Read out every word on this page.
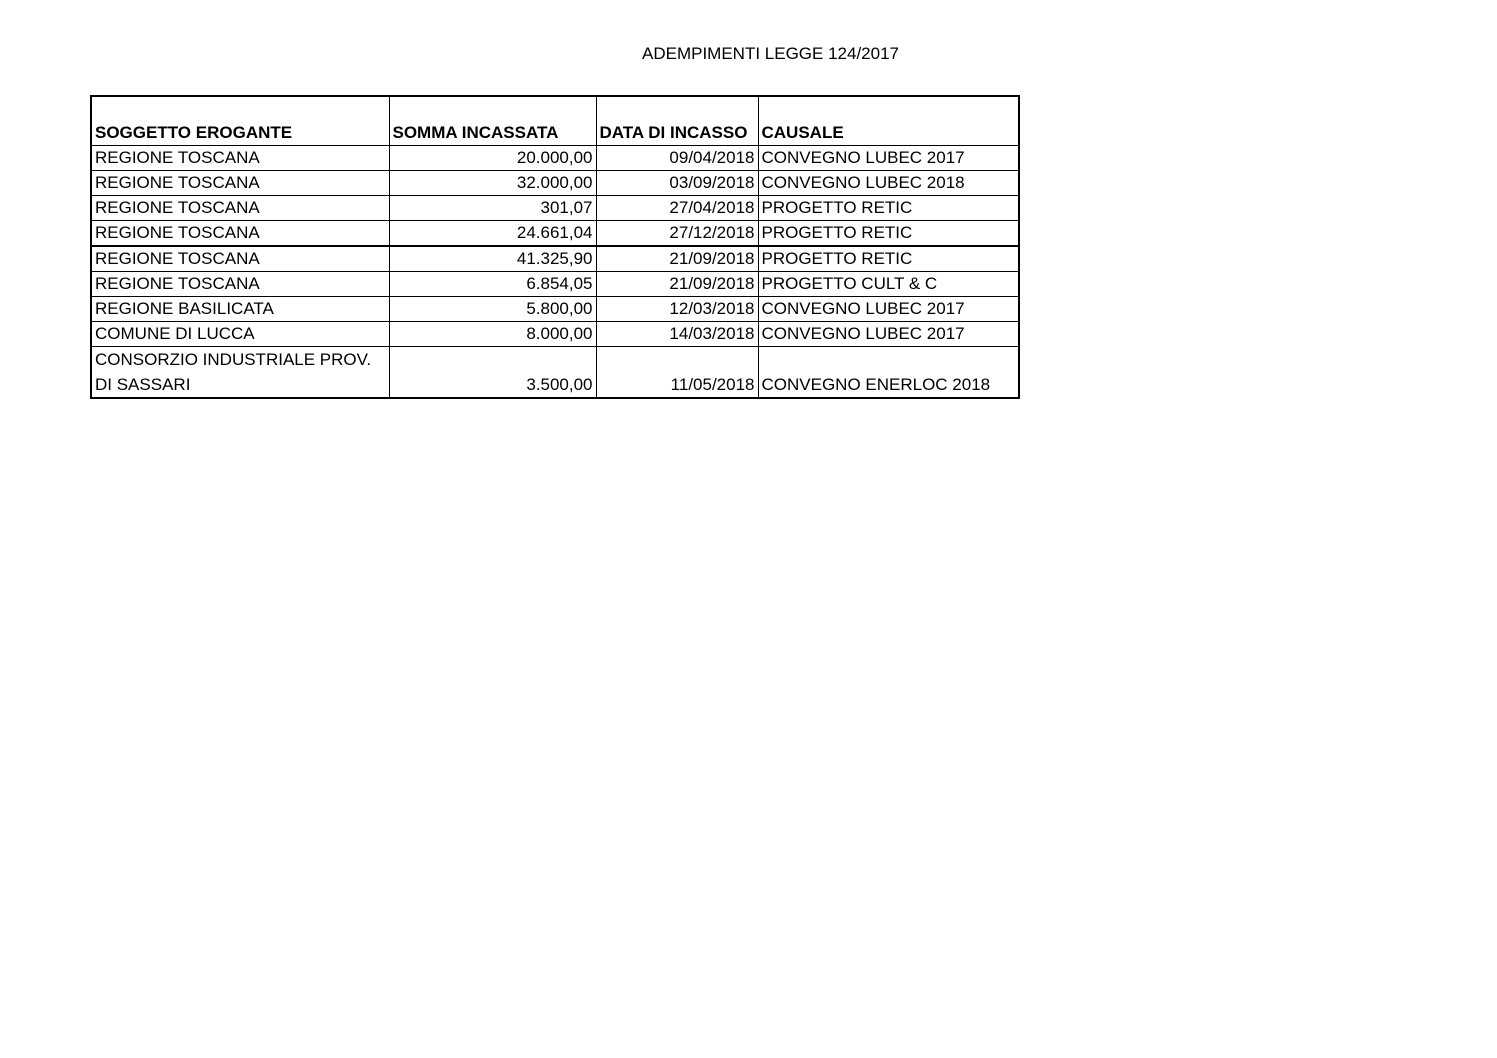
ADEMPIMENTI LEGGE 124/2017
SOGGETTO EROGANTE	SOMMA INCASSATA	DATA DI INCASSO	CAUSALE
REGIONE TOSCANA	20.000,00	09/04/2018	CONVEGNO LUBEC 2017
REGIONE TOSCANA	32.000,00	03/09/2018	CONVEGNO LUBEC 2018
REGIONE TOSCANA	301,07	27/04/2018	PROGETTO RETIC
REGIONE TOSCANA	24.661,04	27/12/2018	PROGETTO RETIC
REGIONE TOSCANA	41.325,90	21/09/2018	PROGETTO RETIC
REGIONE TOSCANA	6.854,05	21/09/2018	PROGETTO CULT & C
REGIONE BASILICATA	5.800,00	12/03/2018	CONVEGNO LUBEC 2017
COMUNE DI LUCCA	8.000,00	14/03/2018	CONVEGNO LUBEC 2017
CONSORZIO INDUSTRIALE PROV. DI SASSARI	3.500,00	11/05/2018	CONVEGNO ENERLOC 2018
